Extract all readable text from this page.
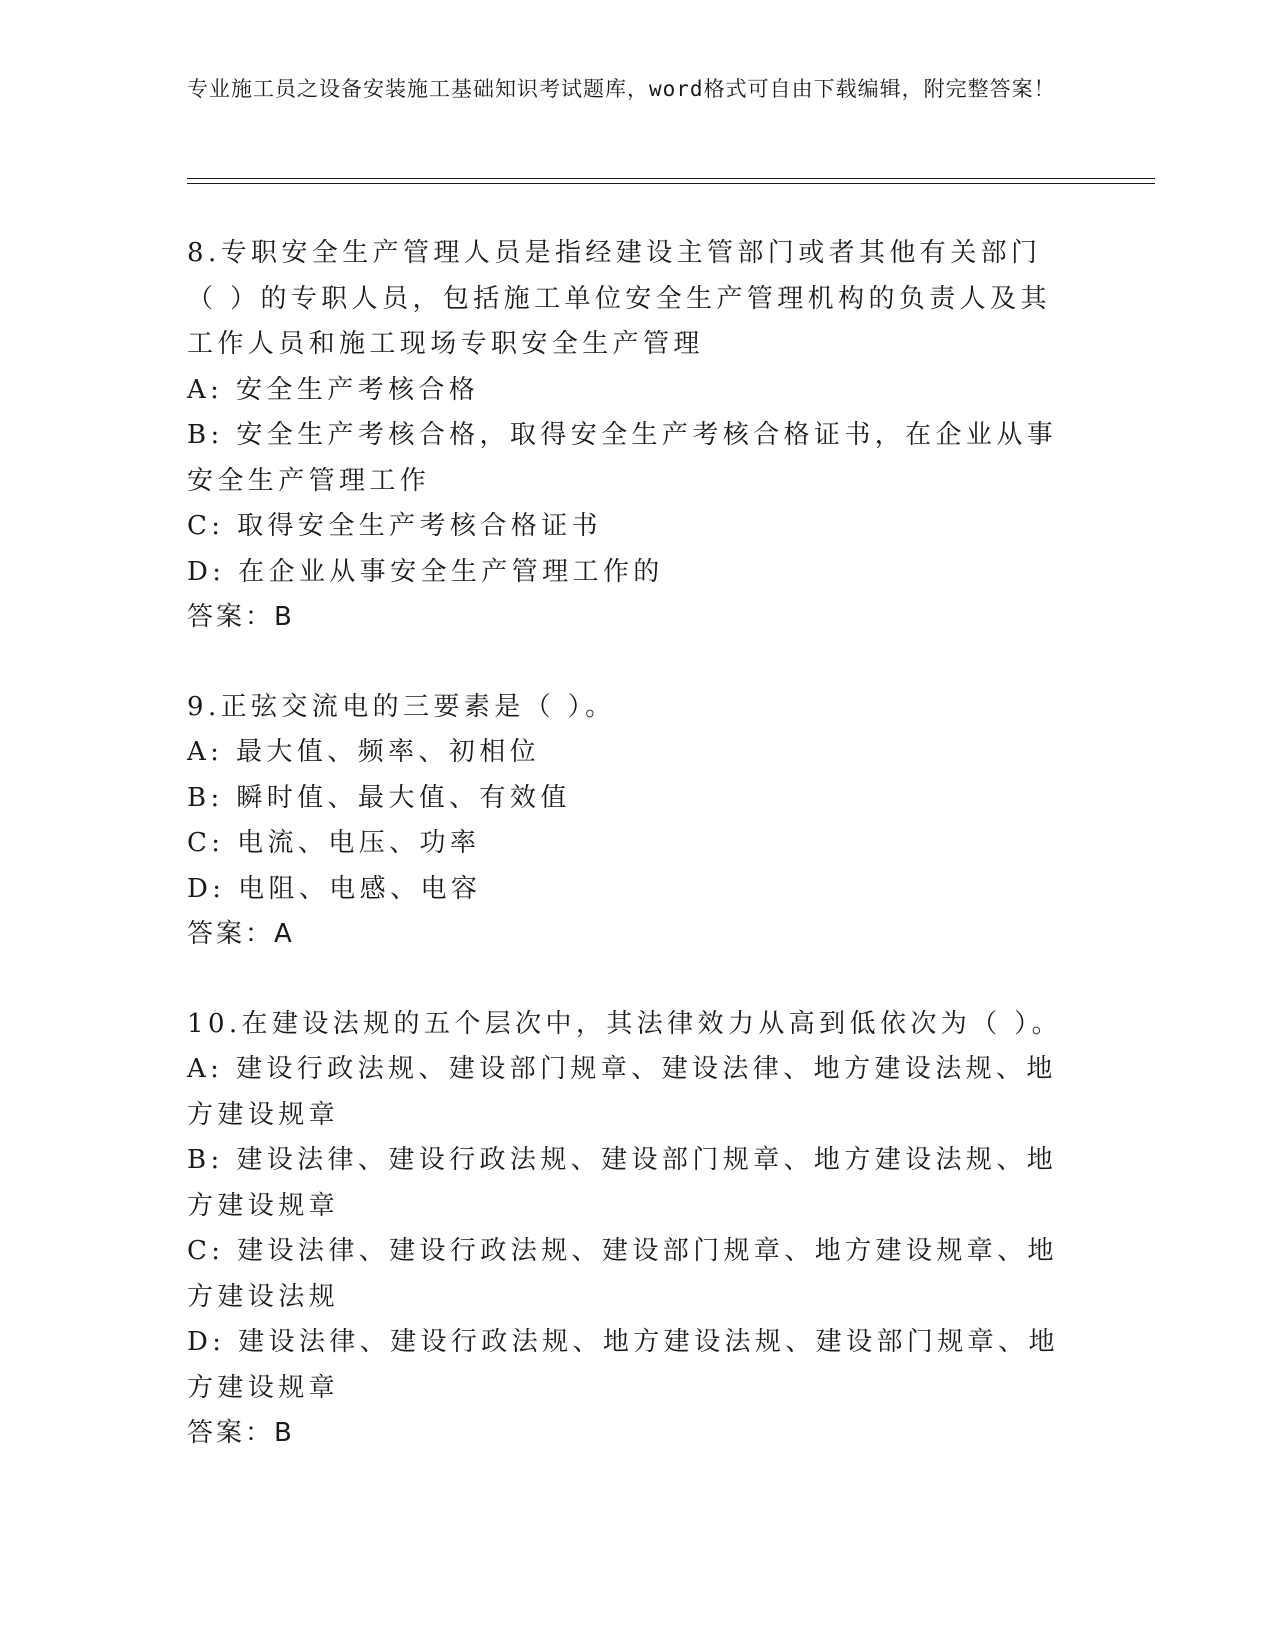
专业施工员之设备安装施工基础知识考试题库，word格式可自由下载编辑，附完整答案！

8.专职安全生产管理人员是指经建设主管部门或者其他有关部门（ ）的专职人员，包括施工单位安全生产管理机构的负责人及其工作人员和施工现场专职安全生产管理

A: 安全生产考核合格

B: 安全生产考核合格，取得安全生产考核合格证书，在企业从事安全生产管理工作

C: 取得安全生产考核合格证书

D: 在企业从事安全生产管理工作的

答案：B

9.正弦交流电的三要素是（ ）。

A: 最大值、频率、初相位

B: 瞬时值、最大值、有效值

C: 电流、电压、功率

D: 电阻、电感、电容

答案：A

10.在建设法规的五个层次中，其法律效力从高到低依次为（ ）。

A: 建设行政法规、建设部门规章、建设法律、地方建设法规、地方建设规章

B: 建设法律、建设行政法规、建设部门规章、地方建设法规、地方建设规章

C: 建设法律、建设行政法规、建设部门规章、地方建设规章、地方建设法规

D: 建设法律、建设行政法规、地方建设法规、建设部门规章、地方建设规章

答案：B
